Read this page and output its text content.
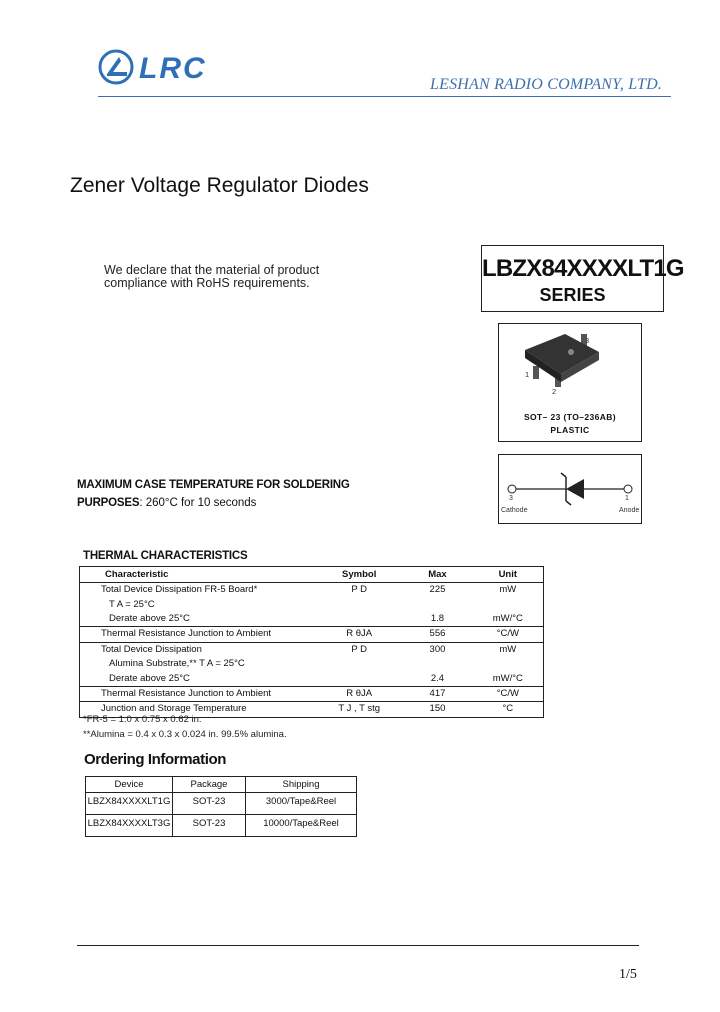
LRC	LESHAN RADIO COMPANY, LTD.
Zener Voltage Regulator Diodes
We declare that the material of product
compliance with RoHS requirements.
LBZX84XXXXLT1G
SERIES
3
1
2
SOT– 23 (TO–236AB)
PLASTIC
3
Cathode
1
Anode
MAXIMUM CASE TEMPERATURE FOR SOLDERING
PURPOSES: 260°C for 10 seconds
THERMAL CHARACTERISTICS
Characteristic	Symbol	Max	Unit
Total Device Dissipation FR-5 Board*	P D	225	mW
T A = 25°C			
Derate above 25°C		1.8	mW/°C
Thermal Resistance Junction to Ambient	R θJA	556	°C/W
Total Device Dissipation	P D	300	mW
Alumina Substrate,** T A = 25°C			
Derate above 25°C		2.4	mW/°C
Thermal Resistance Junction to Ambient	R θJA	417	°C/W
Junction and Storage Temperature	T J , T stg	150	°C
*FR-5 = 1.0 x 0.75 x 0.62 in.
**Alumina = 0.4 x 0.3 x 0.024 in. 99.5% alumina.
Ordering Information
Device	Package	Shipping
LBZX84XXXXLT1G	SOT-23	3000/Tape&Reel
LBZX84XXXXLT3G	SOT-23	10000/Tape&Reel
1/5
